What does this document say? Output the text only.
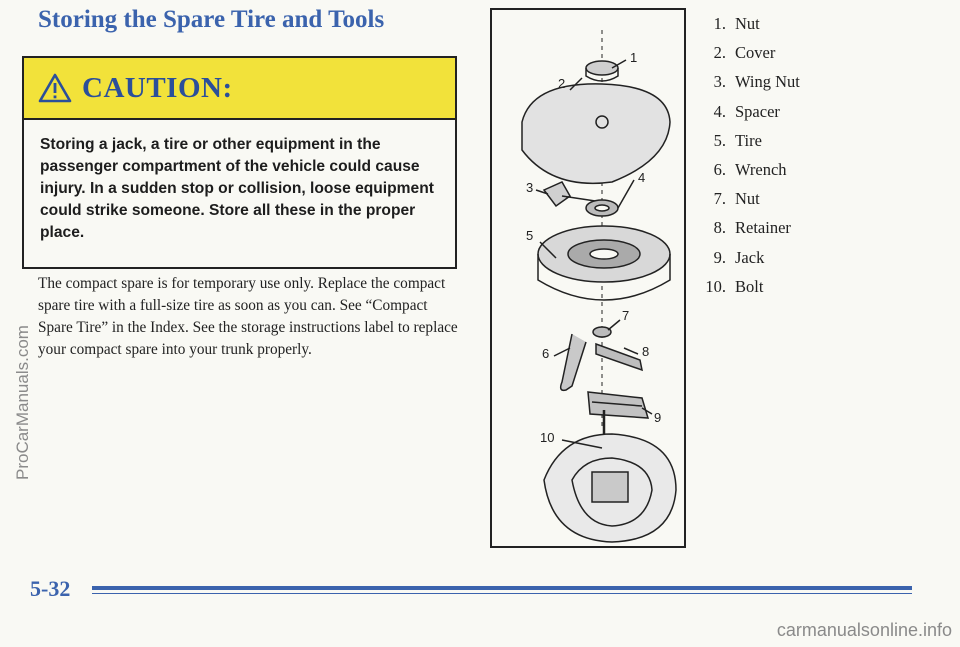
Storing the Spare Tire and Tools
CAUTION:

Storing a jack, a tire or other equipment in the passenger compartment of the vehicle could cause injury. In a sudden stop or collision, loose equipment could strike someone. Store all these in the proper place.

The compact spare is for temporary use only. Replace the compact spare tire with a full-size tire as soon as you can. See “Compact Spare Tire” in the Index. See the storage instructions label to replace your compact spare into your trunk properly.

1
2
3
4
5
6
7
8
9
10
1. Nut
2. Cover
3. Wing Nut
4. Spacer
5. Tire
6. Wrench
7. Nut
8. Retainer
9. Jack
10. Bolt
5-32
ProCarManuals.com
carmanualsonline.info
